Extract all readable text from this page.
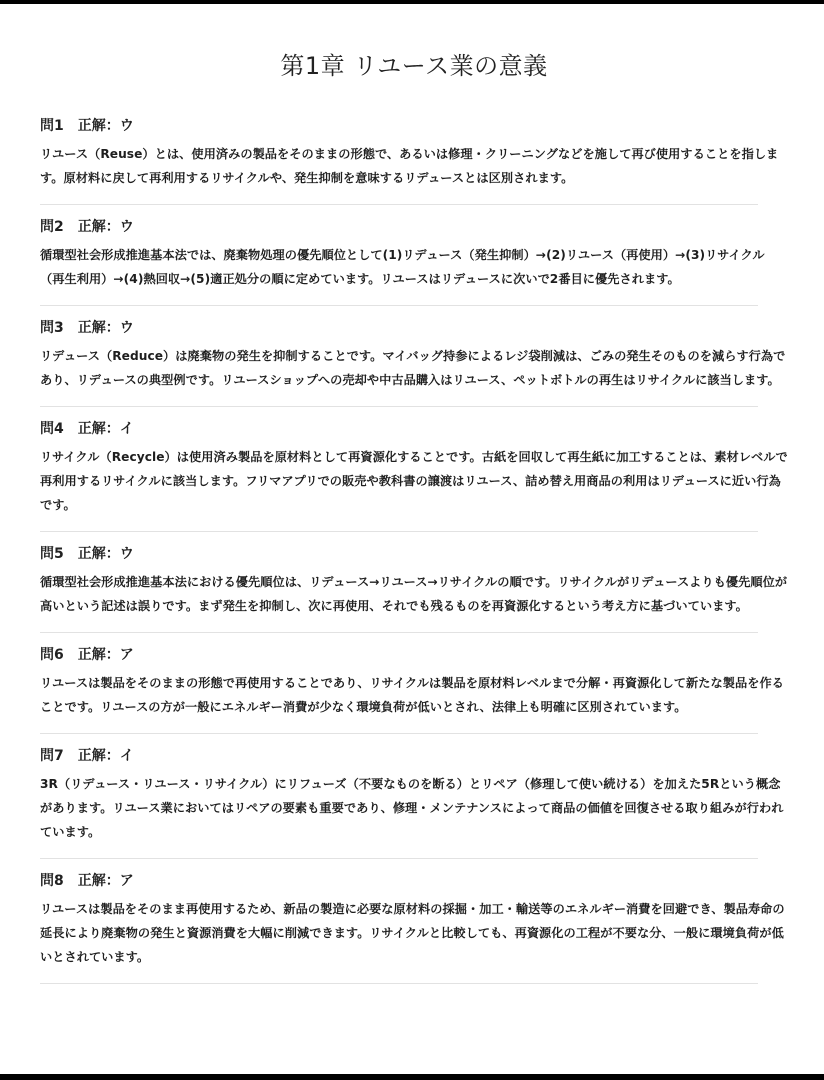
第1章 リユース業の意義
問1 正解：ウ
リユース（Reuse）とは、使用済みの製品をそのままの形態で、あるいは修理・クリーニングなどを施して再び使用することを指します。原材料に戻して再利用するリサイクルや、発生抑制を意味するリデュースとは区別されます。
問2 正解：ウ
循環型社会形成推進基本法では、廃棄物処理の優先順位として(1)リデュース（発生抑制）→(2)リユース（再使用）→(3)リサイクル（再生利用）→(4)熱回収→(5)適正処分の順に定めています。リユースはリデュースに次いで2番目に優先されます。
問3 正解：ウ
リデュース（Reduce）は廃棄物の発生を抑制することです。マイバッグ持参によるレジ袋削減は、ごみの発生そのものを減らす行為であり、リデュースの典型例です。リユースショップへの売却や中古品購入はリユース、ペットボトルの再生はリサイクルに該当します。
問4 正解：イ
リサイクル（Recycle）は使用済み製品を原材料として再資源化することです。古紙を回収して再生紙に加工することは、素材レベルで再利用するリサイクルに該当します。フリマアプリでの販売や教科書の譲渡はリユース、詰め替え用商品の利用はリデュースに近い行為です。
問5 正解：ウ
循環型社会形成推進基本法における優先順位は、リデュース→リユース→リサイクルの順です。リサイクルがリデュースよりも優先順位が高いという記述は誤りです。まず発生を抑制し、次に再使用、それでも残るものを再資源化するという考え方に基づいています。
問6 正解：ア
リユースは製品をそのままの形態で再使用することであり、リサイクルは製品を原材料レベルまで分解・再資源化して新たな製品を作ることです。リユースの方が一般にエネルギー消費が少なく環境負荷が低いとされ、法律上も明確に区別されています。
問7 正解：イ
3R（リデュース・リユース・リサイクル）にリフューズ（不要なものを断る）とリペア（修理して使い続ける）を加えた5Rという概念があります。リユース業においてはリペアの要素も重要であり、修理・メンテナンスによって商品の価値を回復させる取り組みが行われています。
問8 正解：ア
リユースは製品をそのまま再使用するため、新品の製造に必要な原材料の採掘・加工・輸送等のエネルギー消費を回避でき、製品寿命の延長により廃棄物の発生と資源消費を大幅に削減できます。リサイクルと比較しても、再資源化の工程が不要な分、一般に環境負荷が低いとされています。
